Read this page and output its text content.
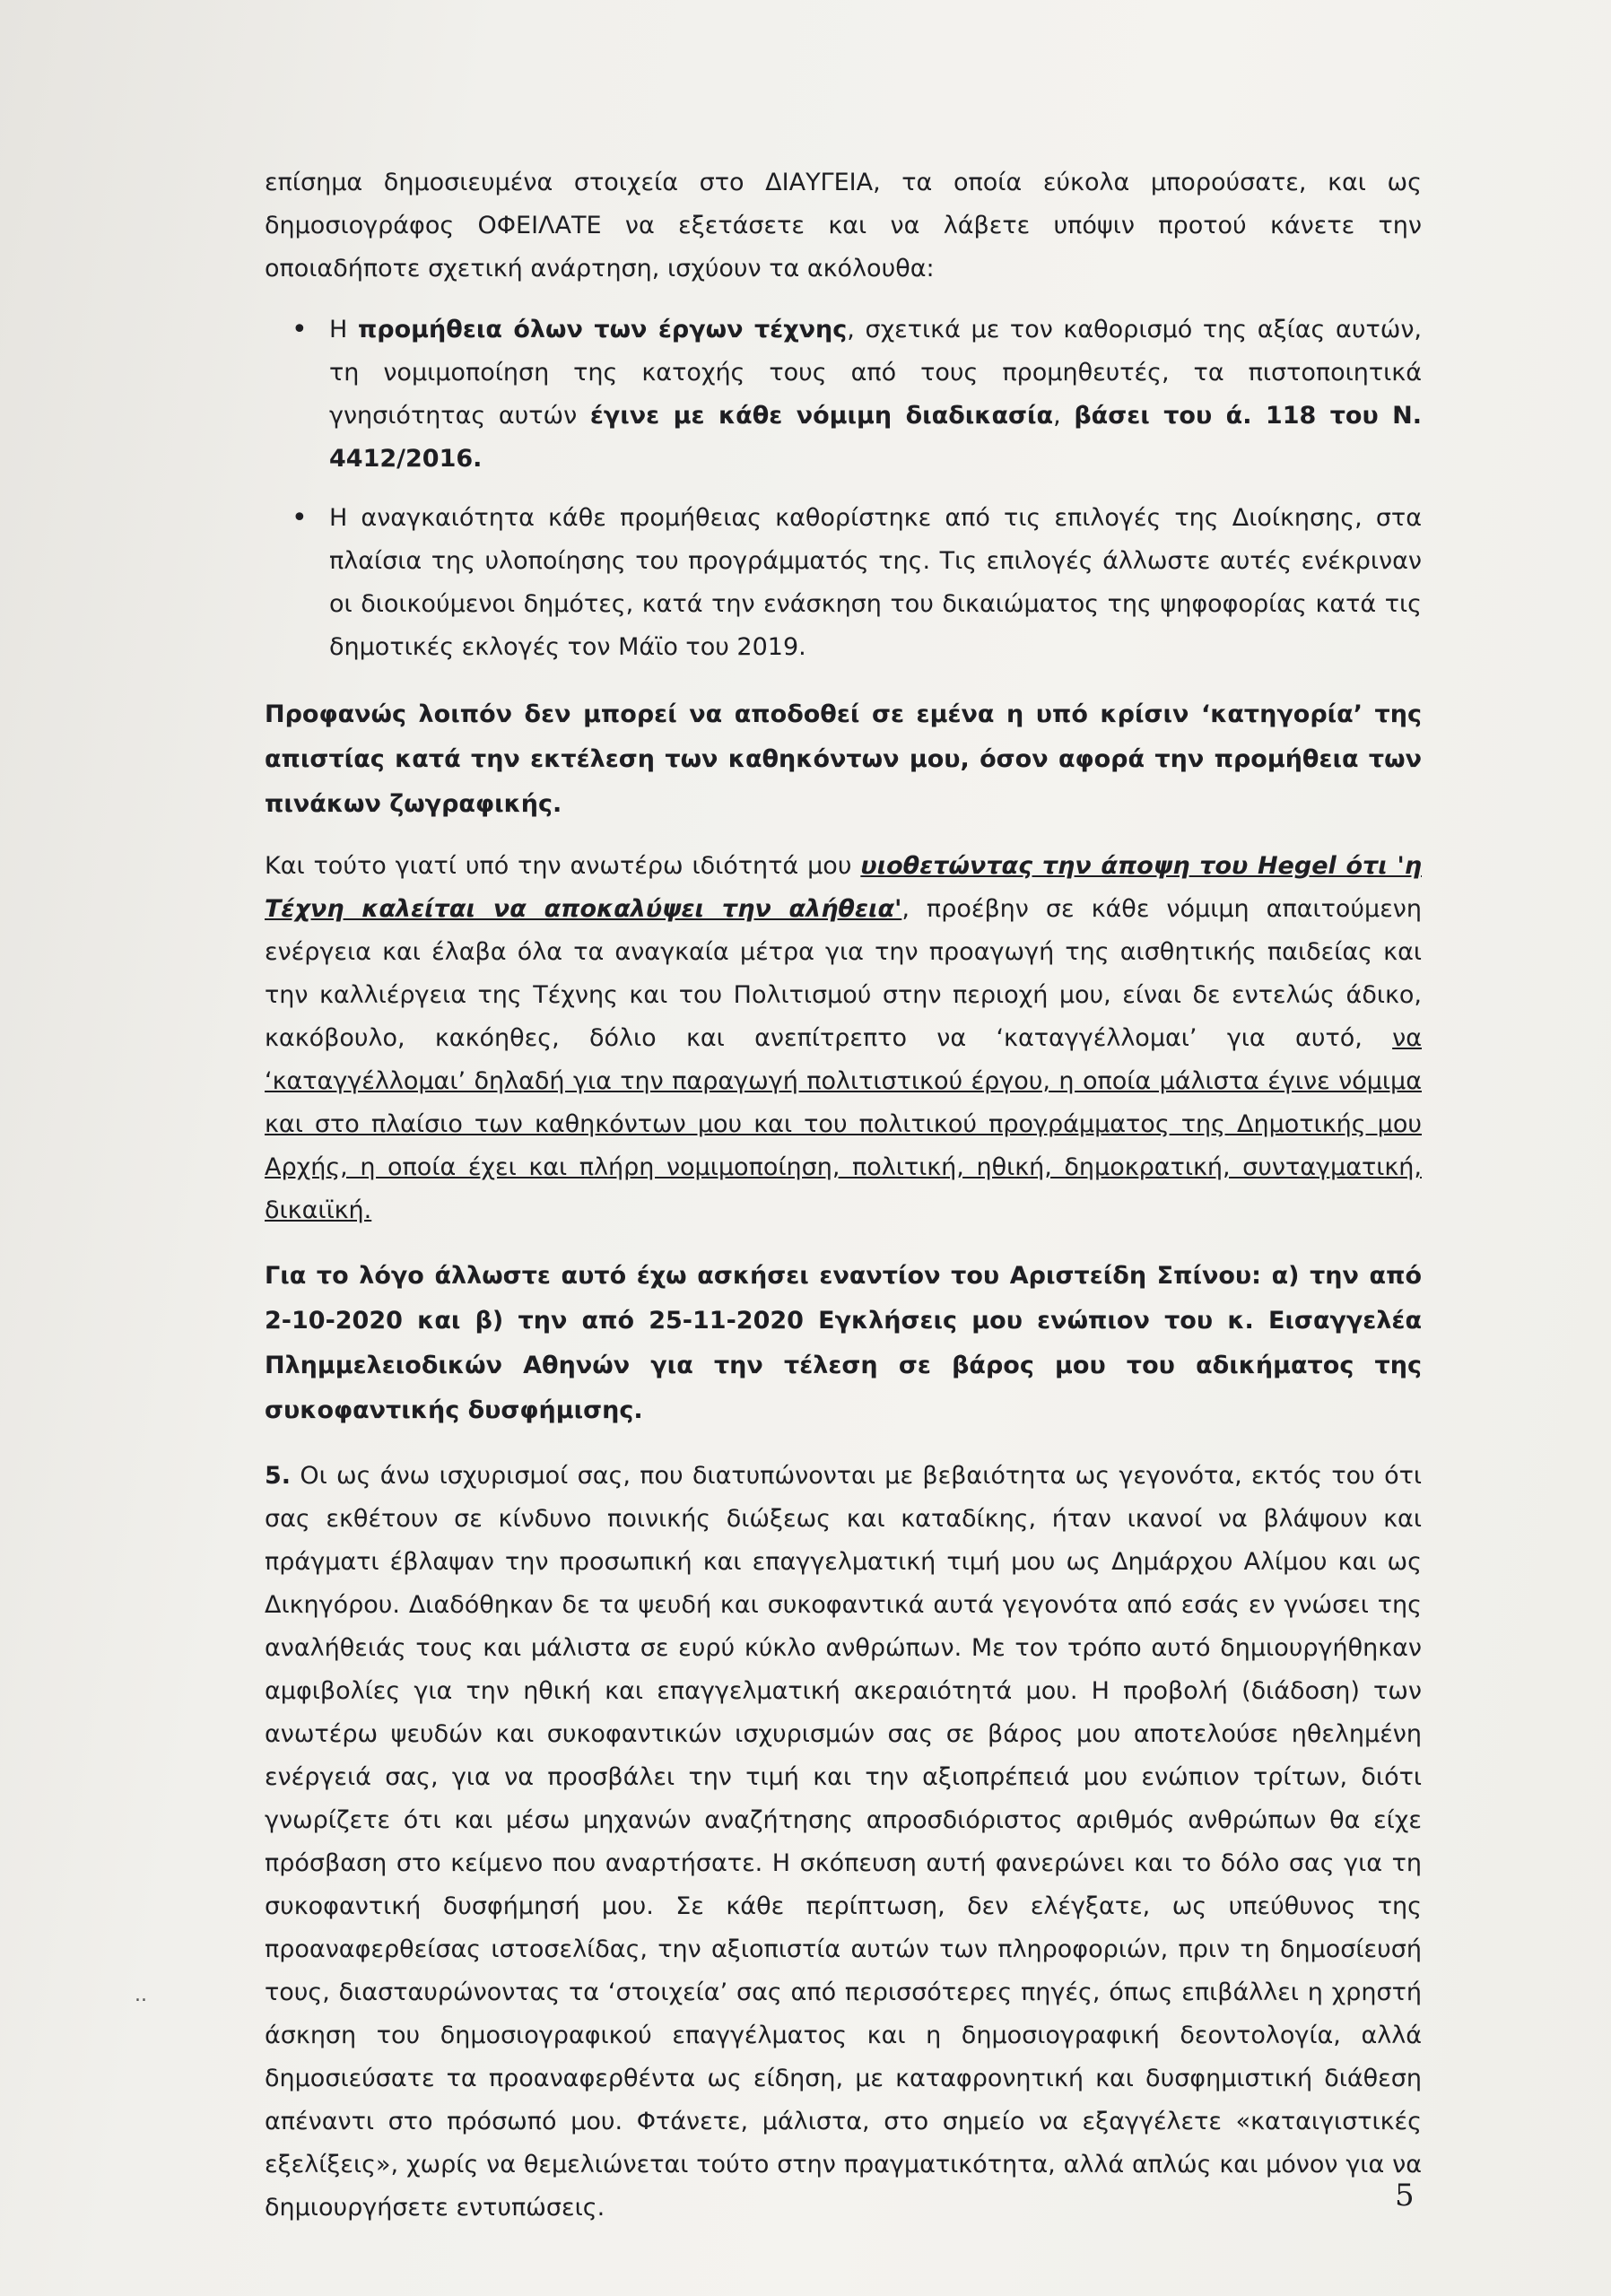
επίσημα δημοσιευμένα στοιχεία στο ΔΙΑΥΓΕΙΑ, τα οποία εύκολα μπορούσατε, και ως δημοσιογράφος ΟΦΕΙΛΑΤΕ να εξετάσετε και να λάβετε υπόψιν προτού κάνετε την οποιαδήποτε σχετική ανάρτηση, ισχύουν τα ακόλουθα:

• Η προμήθεια όλων των έργων τέχνης, σχετικά με τον καθορισμό της αξίας αυτών, τη νομιμοποίηση της κατοχής τους από τους προμηθευτές, τα πιστοποιητικά γνησιότητας αυτών έγινε με κάθε νόμιμη διαδικασία, βάσει του ά. 118 του Ν. 4412/2016.
• Η αναγκαιότητα κάθε προμήθειας καθορίστηκε από τις επιλογές της Διοίκησης, στα πλαίσια της υλοποίησης του προγράμματός της. Τις επιλογές άλλωστε αυτές ενέκριναν οι διοικούμενοι δημότες, κατά την ενάσκηση του δικαιώματος της ψηφοφορίας κατά τις δημοτικές εκλογές τον Μάϊο του 2019.

Προφανώς λοιπόν δεν μπορεί να αποδοθεί σε εμένα η υπό κρίσιν ‘κατηγορία’ της απιστίας κατά την εκτέλεση των καθηκόντων μου, όσον αφορά την προμήθεια των πινάκων ζωγραφικής.

Και τούτο γιατί υπό την ανωτέρω ιδιότητά μου υιοθετώντας την άποψη του Hegel ότι 'η Τέχνη καλείται να αποκαλύψει την αλήθεια', προέβην σε κάθε νόμιμη απαιτούμενη ενέργεια και έλαβα όλα τα αναγκαία μέτρα για την προαγωγή της αισθητικής παιδείας και την καλλιέργεια της Τέχνης και του Πολιτισμού στην περιοχή μου, είναι δε εντελώς άδικο, κακόβουλο, κακόηθες, δόλιο και ανεπίτρεπτο να ‘καταγγέλλομαι’ για αυτό, να ‘καταγγέλλομαι’ δηλαδή για την παραγωγή πολιτιστικού έργου, η οποία μάλιστα έγινε νόμιμα και στο πλαίσιο των καθηκόντων μου και του πολιτικού προγράμματος της Δημοτικής μου Αρχής, η οποία έχει και πλήρη νομιμοποίηση, πολιτική, ηθική, δημοκρατική, συνταγματική, δικαιϊκή.

Για το λόγο άλλωστε αυτό έχω ασκήσει εναντίον του Αριστείδη Σπίνου: α) την από 2-10-2020 και β) την από 25-11-2020 Εγκλήσεις μου ενώπιον του κ. Εισαγγελέα Πλημμελειοδικών Αθηνών για την τέλεση σε βάρος μου του αδικήματος της συκοφαντικής δυσφήμισης.

5. Οι ως άνω ισχυρισμοί σας, που διατυπώνονται με βεβαιότητα ως γεγονότα, εκτός του ότι σας εκθέτουν σε κίνδυνο ποινικής διώξεως και καταδίκης, ήταν ικανοί να βλάψουν και πράγματι έβλαψαν την προσωπική και επαγγελματική τιμή μου ως Δημάρχου Αλίμου και ως Δικηγόρου. Διαδόθηκαν δε τα ψευδή και συκοφαντικά αυτά γεγονότα από εσάς εν γνώσει της αναλήθειάς τους και μάλιστα σε ευρύ κύκλο ανθρώπων. Με τον τρόπο αυτό δημιουργήθηκαν αμφιβολίες για την ηθική και επαγγελματική ακεραιότητά μου. Η προβολή (διάδοση) των ανωτέρω ψευδών και συκοφαντικών ισχυρισμών σας σε βάρος μου αποτελούσε ηθελημένη ενέργειά σας, για να προσβάλει την τιμή και την αξιοπρέπειά μου ενώπιον τρίτων, διότι γνωρίζετε ότι και μέσω μηχανών αναζήτησης απροσδιόριστος αριθμός ανθρώπων θα είχε πρόσβαση στο κείμενο που αναρτήσατε. Η σκόπευση αυτή φανερώνει και το δόλο σας για τη συκοφαντική δυσφήμησή μου. Σε κάθε περίπτωση, δεν ελέγξατε, ως υπεύθυνος της προαναφερθείσας ιστοσελίδας, την αξιοπιστία αυτών των πληροφοριών, πριν τη δημοσίευσή τους, διασταυρώνοντας τα ‘στοιχεία’ σας από περισσότερες πηγές, όπως επιβάλλει η χρηστή άσκηση του δημοσιογραφικού επαγγέλματος και η δημοσιογραφική δεοντολογία, αλλά δημοσιεύσατε τα προαναφερθέντα ως είδηση, με καταφρονητική και δυσφημιστική διάθεση απέναντι στο πρόσωπό μου. Φτάνετε, μάλιστα, στο σημείο να εξαγγέλετε «καταιγιστικές εξελίξεις», χωρίς να θεμελιώνεται τούτο στην πραγματικότητα, αλλά απλώς και μόνον για να δημιουργήσετε εντυπώσεις.

..
5
